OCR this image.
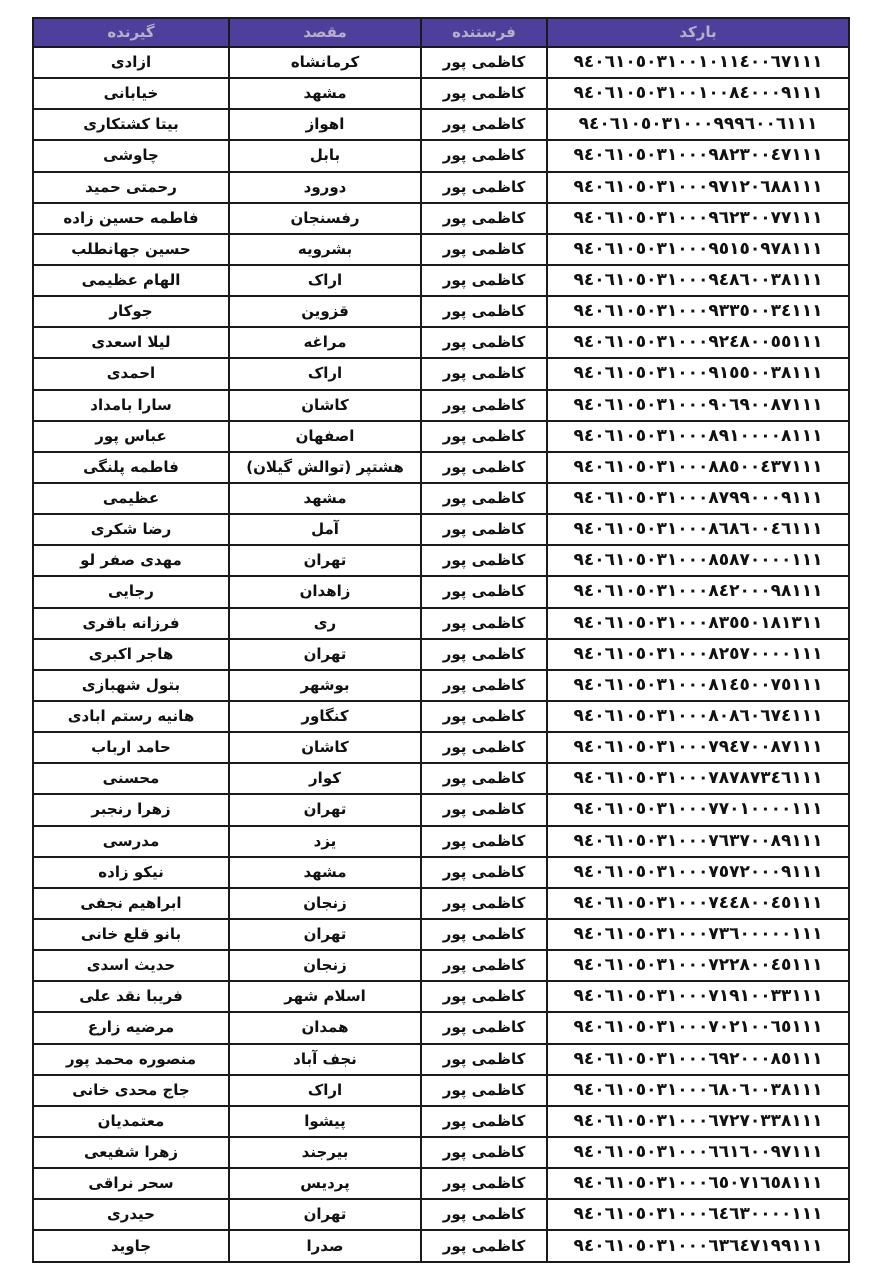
بارکد	فرستنده	مقصد	گیرنده
۹٤٠٦١٠٥٠٣١٠٠١٠١١٤٠٠٦٧١١١	کاظمی پور	کرمانشاه	ازادی
۹٤٠٦١٠٥٠٣١٠٠١٠٠٨٤٠٠٠٩١١١	کاظمی پور	مشهد	خیابانی
۹٤٠٦١٠٥٠٣١٠٠٠۹۹۹٦٠٠٦١١١	کاظمی پور	اهواز	بیتا کشتکاری
۹٤٠٦١٠٥٠٣١٠٠٠۹٨٢٣٠٠٤٧١١١	کاظمی پور	بابل	چاوشی
۹٤٠٦١٠٥٠٣١٠٠٠۹٧١٢٠٦٨٨١١١	کاظمی پور	دورود	رحمتی حمید
۹٤٠٦١٠٥٠٣١٠٠٠۹٦٢٣٠٠٧٧١١١	کاظمی پور	رفسنجان	فاطمه حسین زاده
۹٤٠٦١٠٥٠٣١٠٠٠۹٥١٥٠۹٧٨١١١	کاظمی پور	بشرویه	حسین جهانطلب
۹٤٠٦١٠٥٠٣١٠٠٠۹٤٨٦٠٠٣٨١١١	کاظمی پور	اراک	الهام عظیمی
۹٤٠٦١٠٥٠٣١٠٠٠۹٣٣٥٠٠٣٤١١١	کاظمی پور	قزوین	جوکار
۹٤٠٦١٠٥٠٣١٠٠٠۹٢٤٨٠٠٥٥١١١	کاظمی پور	مراغه	لیلا اسعدی
۹٤٠٦١٠٥٠٣١٠٠٠۹١٥٥٠٠٣٨١١١	کاظمی پور	اراک	احمدی
۹٤٠٦١٠٥٠٣١٠٠٠۹٠٦۹٠٠٨٧١١١	کاظمی پور	کاشان	سارا بامداد
۹٤٠٦١٠٥٠٣١٠٠٠٨۹١٠٠٠٠٨١١١	کاظمی پور	اصفهان	عباس پور
۹٤٠٦١٠٥٠٣١٠٠٠٨٨٥٠٠٤٣٧١١١	کاظمی پور	هشتپر (توالش گیلان)	فاطمه پلنگی
۹٤٠٦١٠٥٠٣١٠٠٠٨٧۹۹٠٠٠۹١١١	کاظمی پور	مشهد	عظیمی
۹٤٠٦١٠٥٠٣١٠٠٠٨٦٨٦٠٠٤٦١١١	کاظمی پور	آمل	رضا شکری
۹٤٠٦١٠٥٠٣١٠٠٠٨٥٨٧٠٠٠٠١١١	کاظمی پور	تهران	مهدی صفر لو
۹٤٠٦١٠٥٠٣١٠٠٠٨٤٢٠٠٠۹٨١١١	کاظمی پور	زاهدان	رجایی
۹٤٠٦١٠٥٠٣١٠٠٠٨٣٥٥٠١٨١٣١١	کاظمی پور	ری	فرزانه باقری
۹٤٠٦١٠٥٠٣١٠٠٠٨٢٥٧٠٠٠٠١١١	کاظمی پور	تهران	هاجر اکبری
۹٤٠٦١٠٥٠٣١٠٠٠٨١٤٥٠٠٧٥١١١	کاظمی پور	بوشهر	بتول شهبازی
۹٤٠٦١٠٥٠٣١٠٠٠٨٠٨٦٠٦٧٤١١١	کاظمی پور	کنگاور	هانیه رستم ابادی
۹٤٠٦١٠٥٠٣١٠٠٠٧۹٤٧٠٠٨٧١١١	کاظمی پور	کاشان	حامد ارباب
۹٤٠٦١٠٥٠٣١٠٠٠٧٨٧٨٧٣٤٦١١١	کاظمی پور	کوار	محسنی
۹٤٠٦١٠٥٠٣١٠٠٠٧٧٠١٠٠٠٠١١١	کاظمی پور	تهران	زهرا رنجبر
۹٤٠٦١٠٥٠٣١٠٠٠٧٦٣٧٠٠٨۹١١١	کاظمی پور	یزد	مدرسی
۹٤٠٦١٠٥٠٣١٠٠٠٧٥٧٢٠٠٠۹١١١	کاظمی پور	مشهد	نیکو زاده
۹٤٠٦١٠٥٠٣١٠٠٠٧٤٤٨٠٠٤٥١١١	کاظمی پور	زنجان	ابراهیم نجفی
۹٤٠٦١٠٥٠٣١٠٠٠٧٣٦٠٠٠٠٠١١١	کاظمی پور	تهران	بانو قلع خانی
۹٤٠٦١٠٥٠٣١٠٠٠٧٢٢٨٠٠٤٥١١١	کاظمی پور	زنجان	حدیث اسدی
۹٤٠٦١٠٥٠٣١٠٠٠٧١۹١٠٠٣٣١١١	کاظمی پور	اسلام شهر	فریبا نقد علی
۹٤٠٦١٠٥٠٣١٠٠٠٧٠٢١٠٠٦٥١١١	کاظمی پور	همدان	مرضیه زارع
۹٤٠٦١٠٥٠٣١٠٠٠٦۹٢٠٠٠٨٥١١١	کاظمی پور	نجف آباد	منصوره محمد پور
۹٤٠٦١٠٥٠٣١٠٠٠٦٨٠٦٠٠٣٨١١١	کاظمی پور	اراک	جاج محدی خانی
۹٤٠٦١٠٥٠٣١٠٠٠٦٧٢٧٠٣٣٨١١١	کاظمی پور	پیشوا	معتمدیان
۹٤٠٦١٠٥٠٣١٠٠٠٦٦١٦٠٠۹٧١١١	کاظمی پور	بیرجند	زهرا شفیعی
۹٤٠٦١٠٥٠٣١٠٠٠٦٥٠٧١٦٥٨١١١	کاظمی پور	پردیس	سحر نراقی
۹٤٠٦١٠٥٠٣١٠٠٠٦٤٦٣٠٠٠٠١١١	کاظمی پور	تهران	حیدری
۹٤٠٦١٠٥٠٣١٠٠٠٦٣٦٤٧١۹۹١١١	کاظمی پور	صدرا	جاوید
